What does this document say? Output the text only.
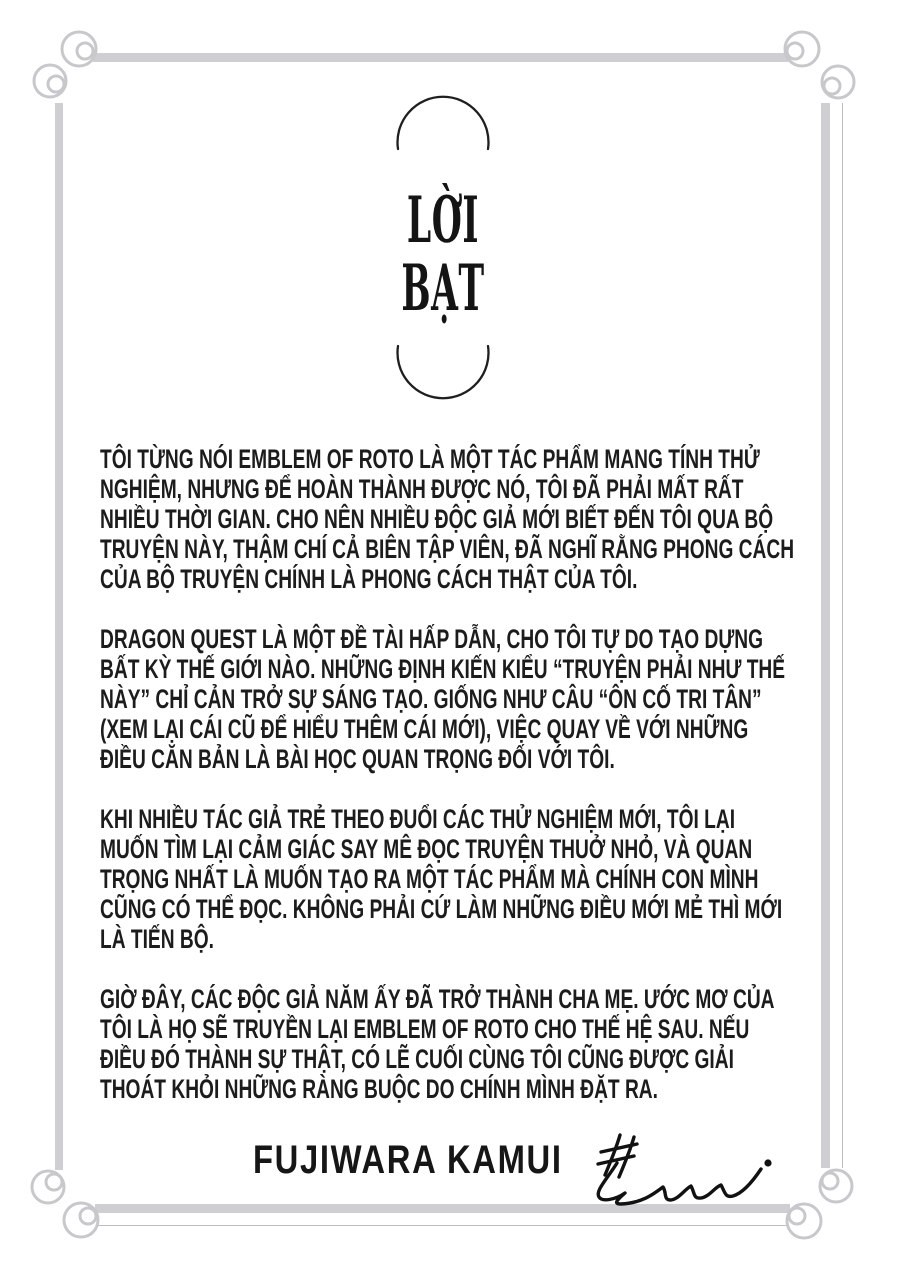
LỜI
BẠT
TÔI TỪNG NÓI EMBLEM OF ROTO LÀ MỘT TÁC PHẨM MANG TÍNH THỬ
NGHIỆM, NHƯNG ĐỂ HOÀN THÀNH ĐƯỢC NÓ, TÔI ĐÃ PHẢI MẤT RẤT
NHIỀU THỜI GIAN. CHO NÊN NHIỀU ĐỘC GIẢ MỚI BIẾT ĐẾN TÔI QUA BỘ
TRUYỆN NÀY, THẬM CHÍ CẢ BIÊN TẬP VIÊN, ĐÃ NGHĨ RẰNG PHONG CÁCH
CỦA BỘ TRUYỆN CHÍNH LÀ PHONG CÁCH THẬT CỦA TÔI.
DRAGON QUEST LÀ MỘT ĐỀ TÀI HẤP DẪN, CHO TÔI TỰ DO TẠO DỰNG
BẤT KỲ THẾ GIỚI NÀO. NHỮNG ĐỊNH KIẾN KIỂU “TRUYỆN PHẢI NHƯ THẾ
NÀY” CHỈ CẢN TRỞ SỰ SÁNG TẠO. GIỐNG NHƯ CÂU “ÔN CỐ TRI TÂN”
(XEM LẠI CÁI CŨ ĐỂ HIỂU THÊM CÁI MỚI), VIỆC QUAY VỀ VỚI NHỮNG
ĐIỀU CĂN BẢN LÀ BÀI HỌC QUAN TRỌNG ĐỐI VỚI TÔI.
KHI NHIỀU TÁC GIẢ TRẺ THEO ĐUỔI CÁC THỬ NGHIỆM MỚI, TÔI LẠI
MUỐN TÌM LẠI CẢM GIÁC SAY MÊ ĐỌC TRUYỆN THUỞ NHỎ, VÀ QUAN
TRỌNG NHẤT LÀ MUỐN TẠO RA MỘT TÁC PHẨM MÀ CHÍNH CON MÌNH
CŨNG CÓ THỂ ĐỌC. KHÔNG PHẢI CỨ LÀM NHỮNG ĐIỀU MỚI MẺ THÌ MỚI
LÀ TIẾN BỘ.
GIỜ ĐÂY, CÁC ĐỘC GIẢ NĂM ẤY ĐÃ TRỞ THÀNH CHA MẸ. ƯỚC MƠ CỦA
TÔI LÀ HỌ SẼ TRUYỀN LẠI EMBLEM OF ROTO CHO THẾ HỆ SAU. NẾU
ĐIỀU ĐÓ THÀNH SỰ THẬT, CÓ LẼ CUỐI CÙNG TÔI CŨNG ĐƯỢC GIẢI
THOÁT KHỎI NHỮNG RÀNG BUỘC DO CHÍNH MÌNH ĐẶT RA.
FUJIWARA KAMUI
